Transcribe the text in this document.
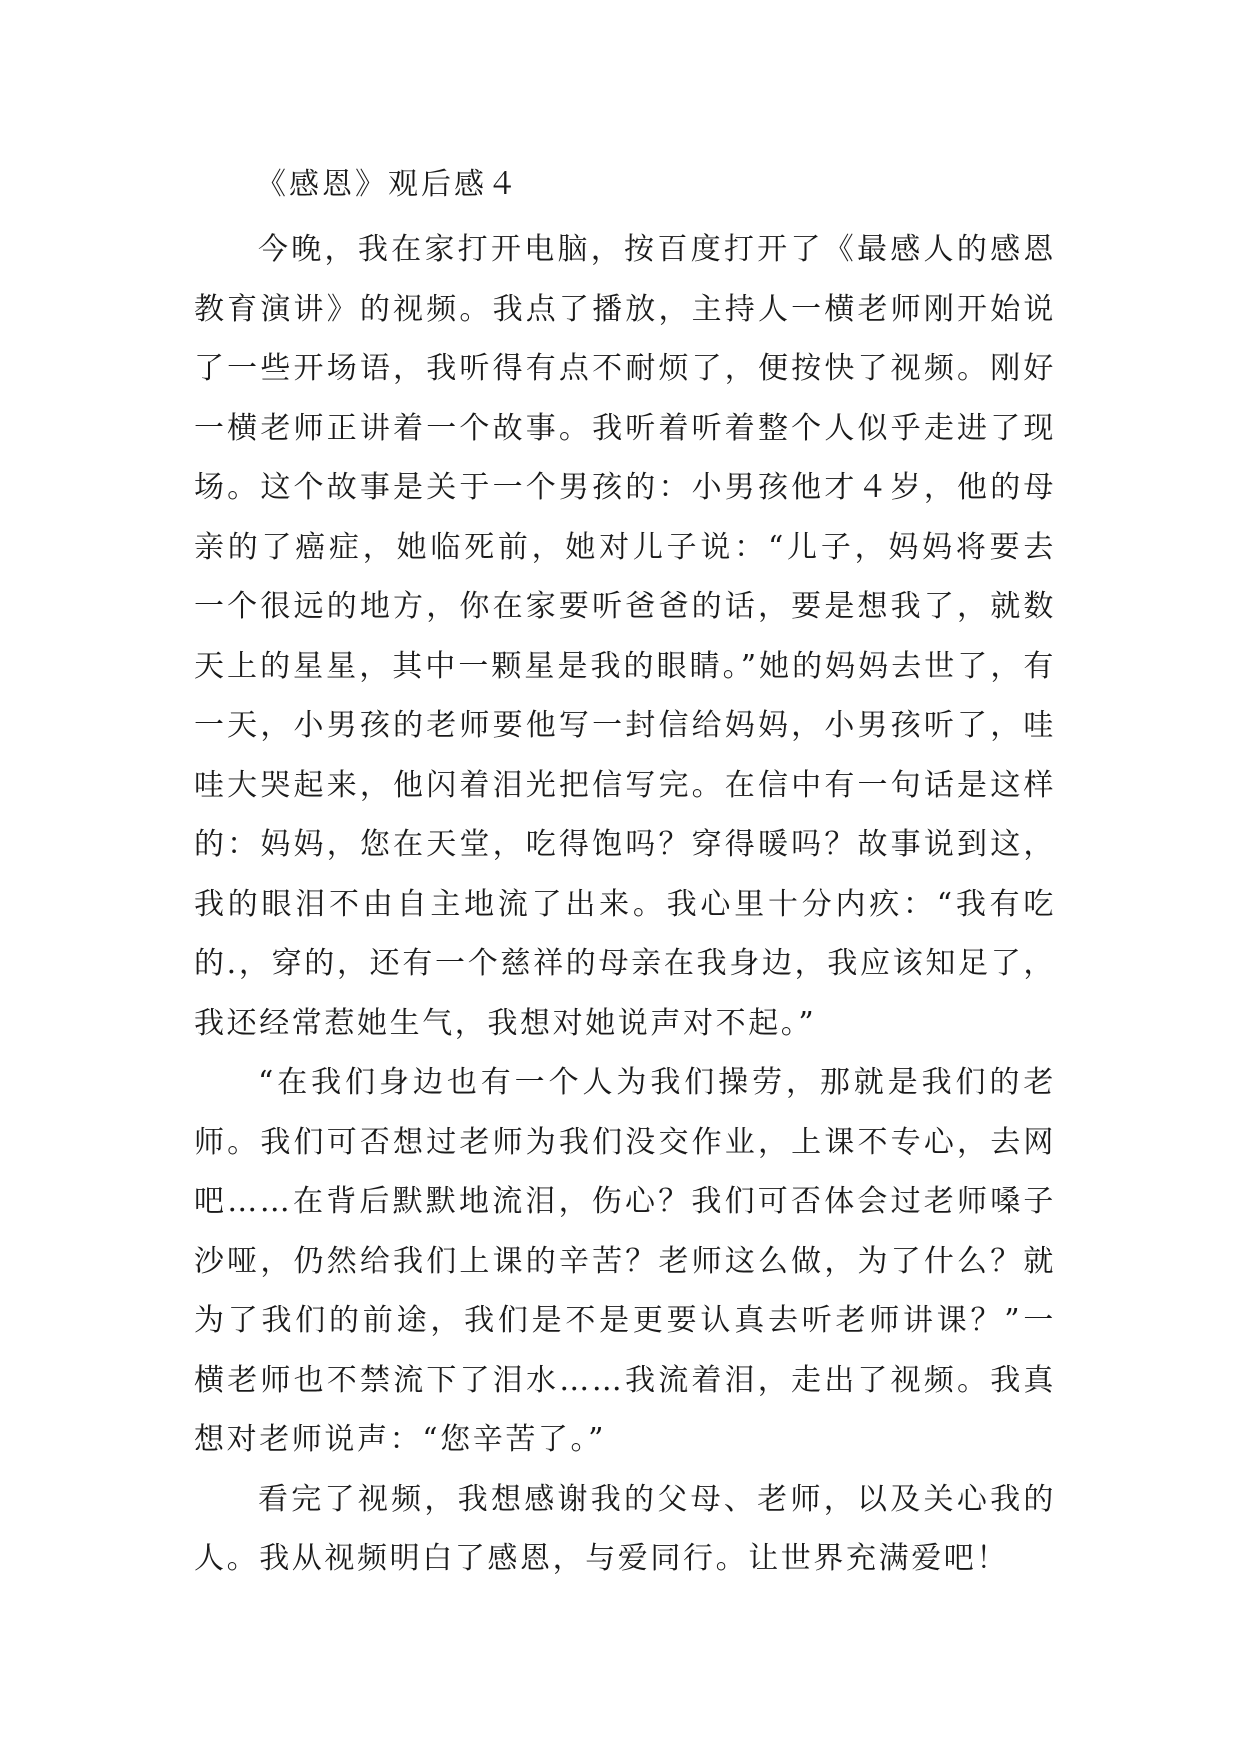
《感恩》观后感４

今晚，我在家打开电脑，按百度打开了《最感人的感恩教育演讲》的视频。我点了播放，主持人一横老师刚开始说了一些开场语，我听得有点不耐烦了，便按快了视频。刚好一横老师正讲着一个故事。我听着听着整个人似乎走进了现场。这个故事是关于一个男孩的：小男孩他才４岁，他的母亲的了癌症，她临死前，她对儿子说：“儿子，妈妈将要去一个很远的地方，你在家要听爸爸的话，要是想我了，就数天上的星星，其中一颗星是我的眼睛。”她的妈妈去世了，有一天，小男孩的老师要他写一封信给妈妈，小男孩听了，哇哇大哭起来，他闪着泪光把信写完。在信中有一句话是这样的：妈妈，您在天堂，吃得饱吗？穿得暖吗？故事说到这，我的眼泪不由自主地流了出来。我心里十分内疚：“我有吃的.，穿的，还有一个慈祥的母亲在我身边，我应该知足了，我还经常惹她生气，我想对她说声对不起。”

“在我们身边也有一个人为我们操劳，那就是我们的老师。我们可否想过老师为我们没交作业，上课不专心，去网吧……在背后默默地流泪，伤心？我们可否体会过老师嗓子沙哑，仍然给我们上课的辛苦？老师这么做，为了什么？就为了我们的前途，我们是不是更要认真去听老师讲课？”一横老师也不禁流下了泪水……我流着泪，走出了视频。我真想对老师说声：“您辛苦了。”

看完了视频，我想感谢我的父母、老师，以及关心我的人。我从视频明白了感恩，与爱同行。让世界充满爱吧！
